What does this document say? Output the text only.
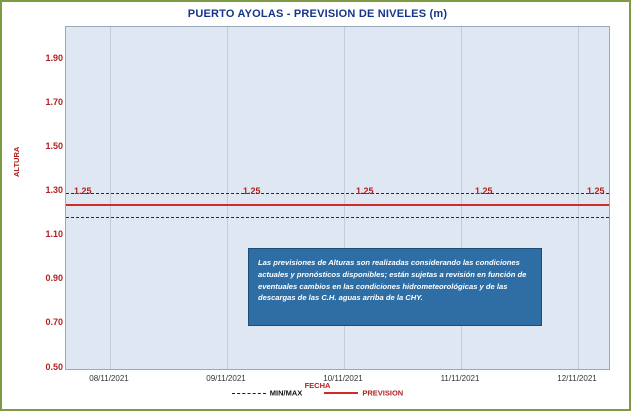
PUERTO AYOLAS - PREVISION DE NIVELES (m)
ALTURA
1.90
1.70
1.50
1.30
1.10
0.90
0.70
0.50
1.25	1.25	1.25	1.25	1.25
08/11/2021	09/11/2021	10/11/2021	11/11/2021	12/11/2021
Las previsiones de Alturas son realizadas considerando las condiciones actuales y pronósticos disponibles; están sujetas a revisión en función de eventuales cambios en las condiciones hidrometeorológicas y de las descargas de las C.H. aguas arriba de la CHY.
FECHA
MIN/MAX	PREVISION
